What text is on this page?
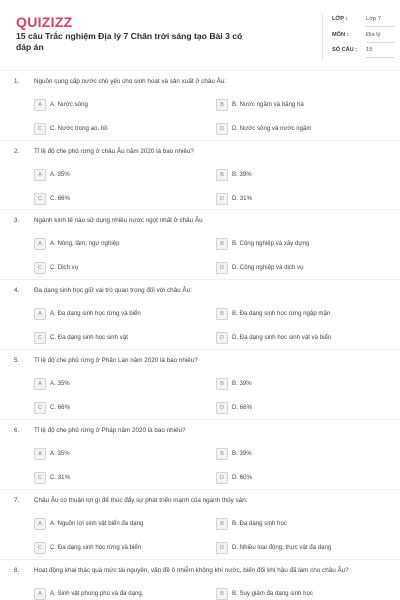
QUIZIZZ
15 câu Trắc nghiệm Địa lý 7 Chân trời sáng tạo Bài 3 có đáp án
LỚP :	Lớp 7
MÔN :	Địa lý
SỐ CÂU : 15
1. Nguồn cung cấp nước chủ yếu cho sinh hoạt và sản xuất ở châu Âu:
A	A. Nước sông	B	B. Nước ngầm và băng hà
C	C. Nước trong ao, hồ	D	D. Nước sông và nước ngầm
2. Tỉ lệ độ che phủ rừng ở châu Âu năm 2020 là bao nhiêu?
A	A. 35%	B	B. 39%
C	C. 66%	D	D. 31%
3. Ngành kinh tế nào sử dụng nhiều nước ngọt nhất ở châu Âu
A	A. Nông, lâm, ngư nghiệp	B	B. Công nghiệp và xây dựng
C	C. Dịch vụ	D	D. Công nghiệp và dịch vụ
4. Đa dạng sinh học giữ vai trò quan trọng đối với châu Âu:
A	A. Đa dạng sinh học rừng và biển	B	B. Đa dạng sinh học rừng ngập mặn
C	C. Đa dạng sinh học sinh vật	D	D. Đa dạng sinh học sinh vật và biển
5. Tỉ lệ độ che phủ rừng ở Phần Lan năm 2020 là bao nhiêu?
A	A. 35%	B	B. 39%
C	C. 66%	D	D. 66%
6. Tỉ lệ độ che phủ rừng ở Pháp năm 2020 là bao nhiêu?
A	A. 35%	B	B. 39%
C	C. 31%	D	D. 60%
7. Châu Âu có thuận lợi gì để thúc đẩy sự phát triển mạnh của ngành thủy sản:
A	A. Nguồn lợi sinh vật biển đa dạng	B	B. Đa dạng sinh học
C	C. Đa dạng sinh học rừng và biển	D	D. Nhiều loại động, thực vật đa dạng
8. Hoạt động khai thác quá mức tài nguyên, vấn đề ô nhiễm không khí nước, biến đổi khí hậu đã làm cho châu Âu?
A	A. Sinh vật phong phú và đa dạng.	B	B. Suy giảm đa dạng sinh học
